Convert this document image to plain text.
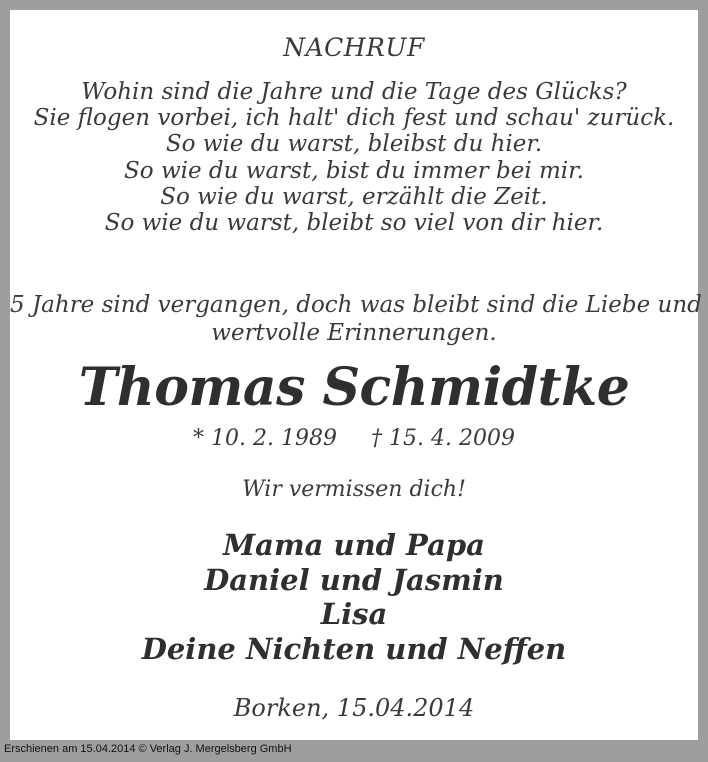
NACHRUF
Wohin sind die Jahre und die Tage des Glücks?
Sie flogen vorbei, ich halt' dich fest und schau' zurück.
So wie du warst, bleibst du hier.
So wie du warst, bist du immer bei mir.
So wie du warst, erzählt die Zeit.
So wie du warst, bleibt so viel von dir hier.
5 Jahre sind vergangen, doch was bleibt sind die Liebe und
wertvolle Erinnerungen.
Thomas Schmidtke
* 10. 2. 1989 † 15. 4. 2009
Wir vermissen dich!
Mama und Papa
Daniel und Jasmin
Lisa
Deine Nichten und Neffen
Borken, 15.04.2014
Erschienen am 15.04.2014 © Verlag J. Mergelsberg GmbH
